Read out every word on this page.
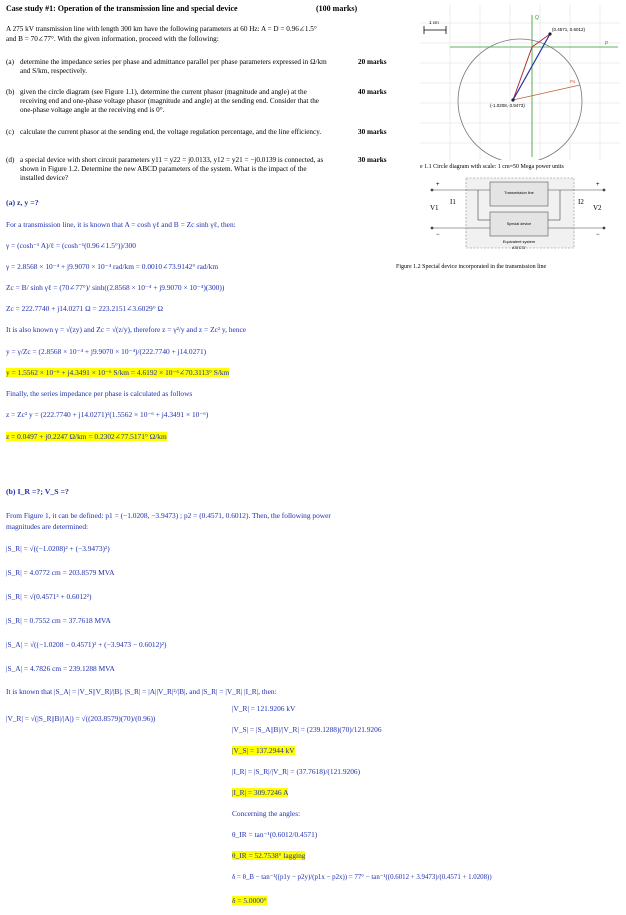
Case study #1: Operation of the transmission line and special device	(100 marks)
A 275 kV transmission line with length 300 km have the following parameters at 60 Hz: A = D = 0.96∠1.5°
and B = 70∠77°. With the given information, proceed with the following:
(a) determine the impedance series per phase and admittance parallel per phase parameters expressed in Ω/km and S/km, respectively.
20 marks
(b) given the circle diagram (see Figure 1.1), determine the current phasor (magnitude and angle) at the receiving end and one-phase voltage phasor (magnitude and angle) at the sending end. Consider that the one-phase voltage angle at the receiving end is 0°.
40 marks
(c) calculate the current phasor at the sending end, the voltage regulation percentage, and the line efficiency.	30 marks
(d) a special device with short circuit parameters y11 = y22 = j0.0133, y12 = y21 = −j0.0139 is connected, as shown in Figure 1.2. Determine the new ABCD parameters of the system. What is the impact of the installed device?
30 marks
1 cm
(0.4571, 0.6012)
(-1.0208,-3.9473)
P
Q
Ps
e 1.1 Circle diagram with scale: 1 cm=50 Mega power units
Transmission line
Special device
Equivalent system
A'B'C'D'
V1
I1	I2
V2
+
−
+
−
Figure 1.2 Special device incorporated in the transmission line
(a) z, y =?
For a transmission line, it is known that A = cosh γℓ and B = Zc sinh γℓ, then:
γ = (cosh⁻¹ A)/ℓ = (cosh⁻¹(0.96∠1.5°))/300
γ = 2.8568 × 10⁻⁴ + j9.9070 × 10⁻⁴ rad/km = 0.0010∠73.9142° rad/km
Zc = B/ sinh γℓ = (70∠77°)/ sinh((2.8568 × 10⁻⁴ + j9.9070 × 10⁻⁴)(300))
Zc = 222.7740 + j14.0271 Ω = 223.2151∠3.6029° Ω
It is also known γ = √(zy) and Zc = √(z/y), therefore z = γ²/y and z = Zc² y, hence
y = γ/Zc = (2.8568 × 10⁻⁴ + j9.9070 × 10⁻⁴)/(222.7740 + j14.0271)
y = 1.5562 × 10⁻⁶ + j4.3491 × 10⁻⁶ S/km = 4.6192 × 10⁻⁶∠70.3113° S/km
Finally, the series impedance per phase is calculated as follows
z = Zc² y = (222.7740 + j14.0271)²(1.5562 × 10⁻⁶ + j4.3491 × 10⁻⁶)
z = 0.0497 + j0.2247 Ω/km = 0.2302∠77.5171° Ω/km
(b) I_R =?; V_S =?
From Figure 1, it can be defined: p1 = (−1.0208, −3.9473) ; p2 = (0.4571, 0.6012). Then, the following power
magnitudes are determined:
|S_R| = √((−1.0208)² + (−3.9473)²)
|S_R| = 4.0772 cm = 203.8579 MVA
|S_R| = √(0.4571² + 0.6012²)
|S_R| = 0.7552 cm = 37.7618 MVA
|S_A| = √((−1.0208 − 0.4571)² + (−3.9473 − 0.6012)²)
|S_A| = 4.7826 cm = 239.1288 MVA
It is known that |S_A| = |V_S||V_R|/|B|, |S_R| = |A||V_R|²/|B|, and |S_R| = |V_R| |I_R|, then:
|V_R| = √(|S_R||B|/|A|) = √((203.8579)(70)/(0.96))
|V_R| = 121.9206 kV
|V_S| = |S_A||B|/|V_R| = (239.1288)(70)/121.9206
|V_S| = 137.2944 kV
|I_R| = |S_R|/|V_R| = (37.7618)/(121.9206)
|I_R| = 309.7246 A
Concerning the angles:
θ_IR = tan⁻¹(0.6012/0.4571)
θ_IR = 52.7538° lagging
δ = θ_B − tan⁻¹((p1y − p2y)/(p1x − p2x)) = 77° − tan⁻¹((0.6012 + 3.9473)/(0.4571 + 1.0208))
δ = 5.0000°
